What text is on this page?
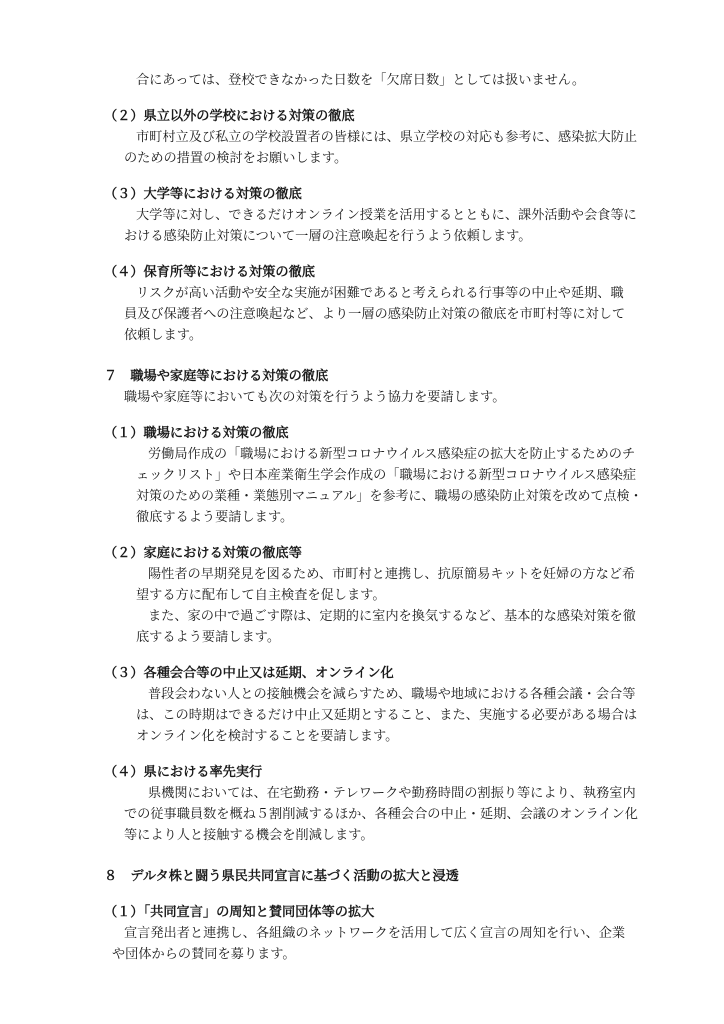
合にあっては、登校できなかった日数を「欠席日数」としては扱いません。
（２）県立以外の学校における対策の徹底
市町村立及び私立の学校設置者の皆様には、県立学校の対応も参考に、感染拡大防止
のための措置の検討をお願いします。
（３）大学等における対策の徹底
大学等に対し、できるだけオンライン授業を活用するとともに、課外活動や会食等に
おける感染防止対策について一層の注意喚起を行うよう依頼します。
（４）保育所等における対策の徹底
リスクが高い活動や安全な実施が困難であると考えられる行事等の中止や延期、職
員及び保護者への注意喚起など、より一層の感染防止対策の徹底を市町村等に対して
依頼します。
７　職場や家庭等における対策の徹底
職場や家庭等においても次の対策を行うよう協力を要請します。
（１）職場における対策の徹底
労働局作成の「職場における新型コロナウイルス感染症の拡大を防止するためのチ
ェックリスト」や日本産業衛生学会作成の「職場における新型コロナウイルス感染症
対策のための業種・業態別マニュアル」を参考に、職場の感染防止対策を改めて点検・
徹底するよう要請します。
（２）家庭における対策の徹底等
陽性者の早期発見を図るため、市町村と連携し、抗原簡易キットを妊婦の方など希
望する方に配布して自主検査を促します。
また、家の中で過ごす際は、定期的に室内を換気するなど、基本的な感染対策を徹
底するよう要請します。
（３）各種会合等の中止又は延期、オンライン化
普段会わない人との接触機会を減らすため、職場や地域における各種会議・会合等
は、この時期はできるだけ中止又延期とすること、また、実施する必要がある場合は
オンライン化を検討することを要請します。
（４）県における率先実行
県機関においては、在宅勤務・テレワークや勤務時間の割振り等により、執務室内
での従事職員数を概ね５割削減するほか、各種会合の中止・延期、会議のオンライン化
等により人と接触する機会を削減します。
８　デルタ株と闘う県民共同宣言に基づく活動の拡大と浸透
（１）「共同宣言」の周知と賛同団体等の拡大
宣言発出者と連携し、各組織のネットワークを活用して広く宣言の周知を行い、企業
や団体からの賛同を募ります。
